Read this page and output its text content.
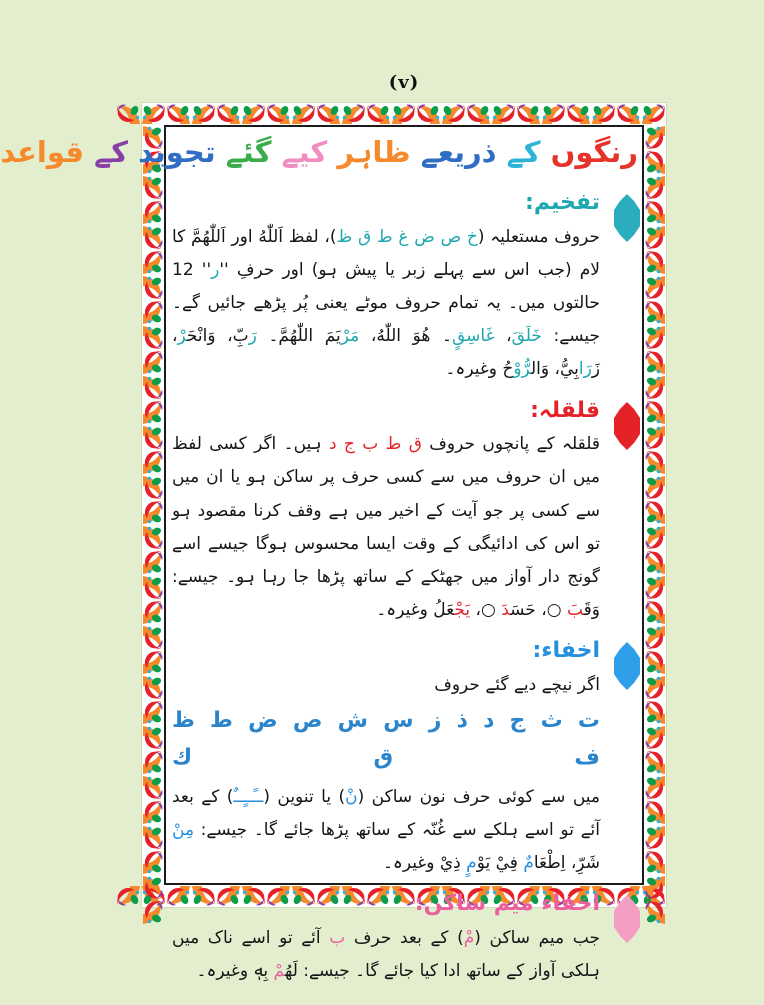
(v)
رنگوں کے ذریعے ظاہر کیے گئے تجوید کے قواعد
تفخیم:
حروف مستعلیہ (خ ص ض غ ط ق ظ)، لفظ اَللّٰهُ اور اَللّٰهُمَّ کا لام (جب اس سے پہلے زبر یا پیش ہو) اور حرفِ ''ر'' 12 حالتوں میں۔ یہ تمام حروف موٹے یعنی پُر پڑھے جائیں گے۔ جیسے: خَلَقَ، غَاسِقٍ۔ هُوَ اللّٰهُ، مَرْيَمَ اللّٰهُمَّ۔ رَبِّ، وَانْحَرْ، زَرَابِيُّ، وَالرُّوْحُ وغیرہ۔
قلقلہ:
قلقلہ کے پانچوں حروف ق ط ب ج د ہیں۔ اگر کسی لفظ میں ان حروف میں سے کسی حرف پر ساکن ہو یا ان میں سے کسی پر جو آیت کے اخیر میں ہے وقف کرنا مقصود ہو تو اس کی ادائیگی کے وقت ایسا محسوس ہوگا جیسے اسے گونج دار آواز میں جھٹکے کے ساتھ پڑھا جا رہا ہو۔ جیسے: وَقَبَ ○، حَسَدَ ○، يَجْعَلُ وغیرہ۔
اخفاء:
اگر نیچے دیے گئے حروف
ت ث ج د ذ ز س ش ص ض ط ظ ف ق ك
میں سے کوئی حرف نون ساکن (نْ) یا تنوین (ــًــٍــٌ) کے بعد آئے تو اسے ہلکے سے غُنّہ کے ساتھ پڑھا جائے گا۔ جیسے: مِنْ شَرِّ، اِطْعَامٌ فِيْ يَوْمٍ ذِيْ وغیرہ۔
اخفاء میم ساکن:
جب میم ساکن (مْ) کے بعد حرف ب آئے تو اسے ناک میں ہلکی آواز کے ساتھ ادا کیا جائے گا۔ جیسے: لَهُمْ بِهٖ وغیرہ۔
